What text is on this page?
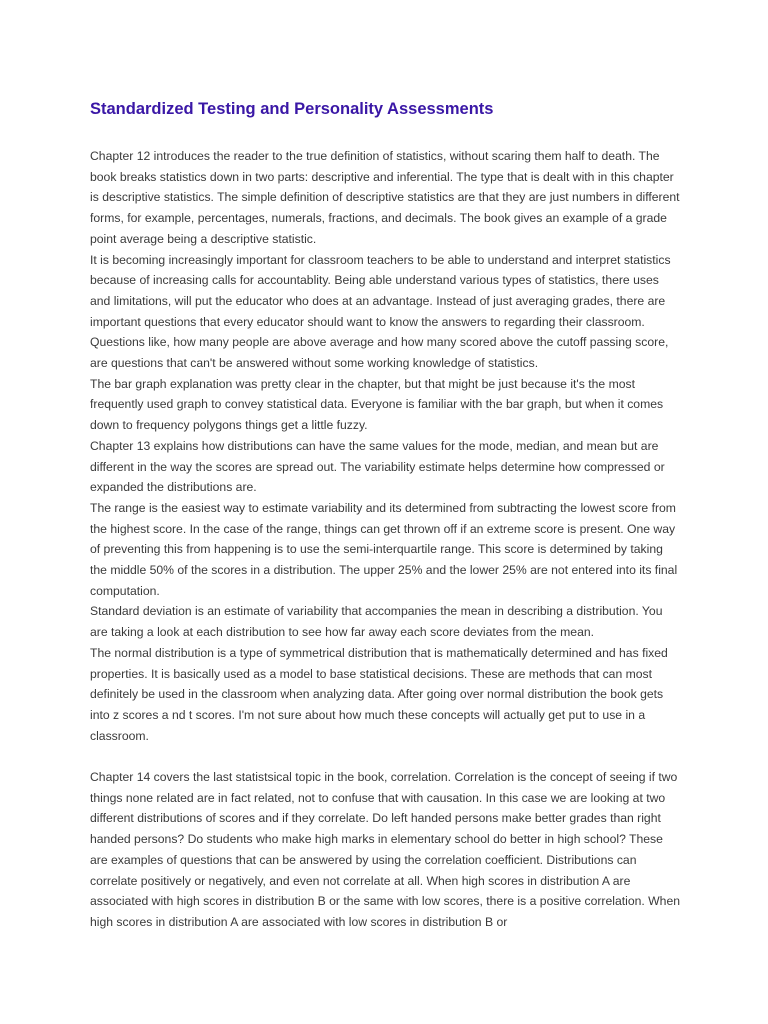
Standardized Testing and Personality Assessments

Chapter 12 introduces the reader to the true definition of statistics, without scaring them half to death. The book breaks statistics down in two parts: descriptive and inferential. The type that is dealt with in this chapter is descriptive statistics. The simple definition of descriptive statistics are that they are just numbers in different forms, for example, percentages, numerals, fractions, and decimals. The book gives an example of a grade point average being a descriptive statistic.

It is becoming increasingly important for classroom teachers to be able to understand and interpret statistics because of increasing calls for accountablity. Being able understand various types of statistics, there uses and limitations, will put the educator who does at an advantage. Instead of just averaging grades, there are important questions that every educator should want to know the answers to regarding their classroom. Questions like, how many people are above average and how many scored above the cutoff passing score, are questions that can't be answered without some working knowledge of statistics.

The bar graph explanation was pretty clear in the chapter, but that might be just because it's the most frequently used graph to convey statistical data. Everyone is familiar with the bar graph, but when it comes down to frequency polygons things get a little fuzzy.

Chapter 13 explains how distributions can have the same values for the mode, median, and mean but are different in the way the scores are spread out. The variability estimate helps determine how compressed or expanded the distributions are.

The range is the easiest way to estimate variability and its determined from subtracting the lowest score from the highest score. In the case of the range, things can get thrown off if an extreme score is present. One way of preventing this from happening is to use the semi-interquartile range. This score is determined by taking the middle 50% of the scores in a distribution. The upper 25% and the lower 25% are not entered into its final computation.

Standard deviation is an estimate of variability that accompanies the mean in describing a distribution. You are taking a look at each distribution to see how far away each score deviates from the mean.

The normal distribution is a type of symmetrical distribution that is mathematically determined and has fixed properties. It is basically used as a model to base statistical decisions. These are methods that can most definitely be used in the classroom when analyzing data. After going over normal distribution the book gets into z scores a nd t scores. I'm not sure about how much these concepts will actually get put to use in a classroom.

Chapter 14 covers the last statistsical topic in the book, correlation. Correlation is the concept of seeing if two things none related are in fact related, not to confuse that with causation. In this case we are looking at two different distributions of scores and if they correlate. Do left handed persons make better grades than right handed persons? Do students who make high marks in elementary school do better in high school? These are examples of questions that can be answered by using the correlation coefficient. Distributions can correlate positively or negatively, and even not correlate at all. When high scores in distribution A are associated with high scores in distribution B or the same with low scores, there is a positive correlation. When high scores in distribution A are associated with low scores in distribution B or
